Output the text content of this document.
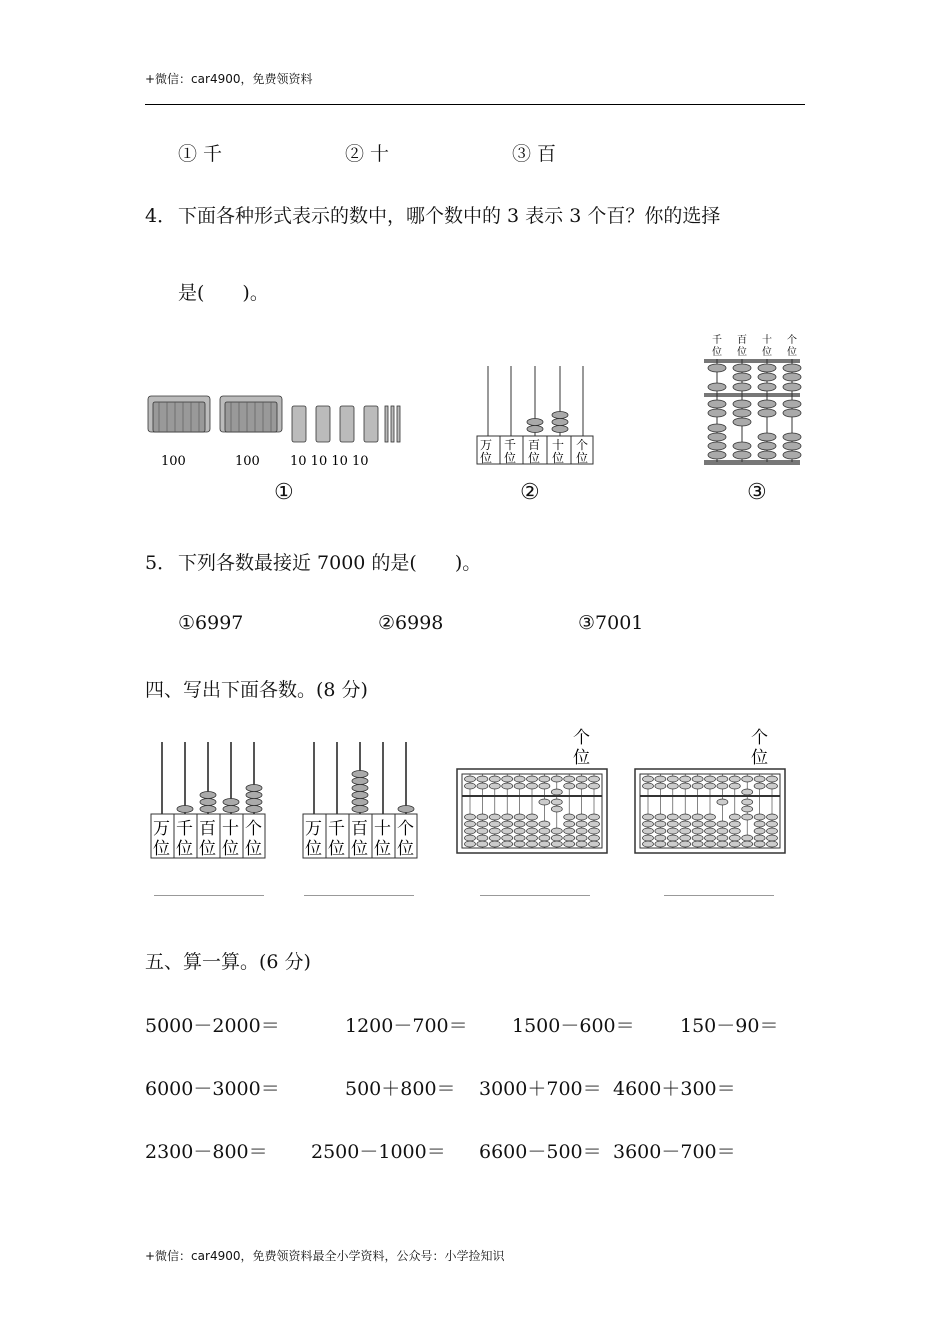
+微信：car4900，免费领资料
① 千	② 十	③ 百
4． 下面各种形式表示的数中，哪个数中的 3 表示 3 个百？你的选择
是(　　)。
100	100 10 10 10 10
万
位
千
位
百
位
十
位
个
位
千
位
百
位
十
位
个
位
①	②	③
5． 下列各数最接近 7000 的是(　　)。
①6997	②6998	③7001
四、写出下面各数。(8 分)
万
位
千
位
百
位
十
位
个
位
万
位
千
位
百
位
十
位
个
位
个
位
个
位
五、算一算。(6 分)
5000－2000＝	1200－700＝ 1500－600＝ 150－90＝
6000－3000＝	500＋800＝ 3000＋700＝ 4600＋300＝
2300－800＝ 2500－1000＝ 6600－500＝ 3600－700＝
+微信：car4900，免费领资料最全小学资料，公众号：小学捡知识
